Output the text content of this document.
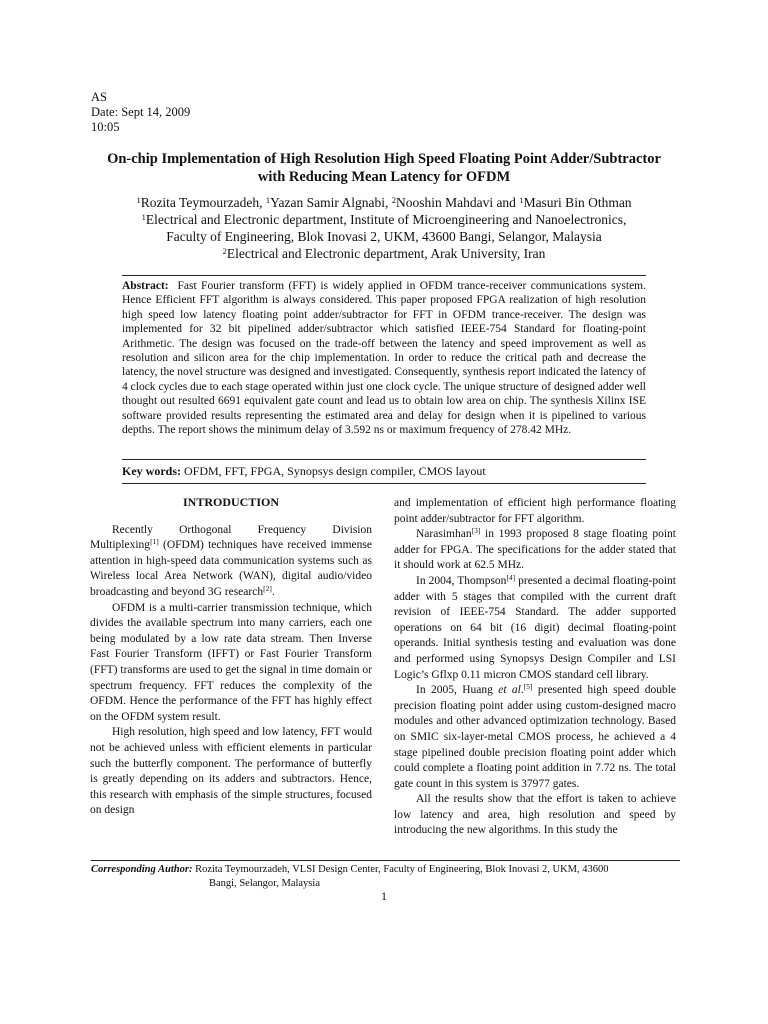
AS
Date: Sept 14, 2009
10:05
On-chip Implementation of High Resolution High Speed Floating Point Adder/Subtractor
with Reducing Mean Latency for OFDM
$^1$Rozita Teymourzadeh, $^1$Yazan Samir Algnabi, $^2$Nooshin Mahdavi and $^1$Masuri Bin Othman
$^1$Electrical and Electronic department, Institute of Microengineering and Nanoelectronics,
Faculty of Engineering, Blok Inovasi 2, UKM, 43600 Bangi, Selangor, Malaysia
$^2$Electrical and Electronic department, Arak University, Iran

Abstract: Fast Fourier transform (FFT) is widely applied in OFDM trance-receiver communications system. Hence Efficient FFT algorithm is always considered. This paper proposed FPGA realization of high resolution high speed low latency floating point adder/subtractor for FFT in OFDM trance-receiver. The design was implemented for 32 bit pipelined adder/subtractor which satisfied IEEE-754 Standard for floating-point Arithmetic. The design was focused on the trade-off between the latency and speed improvement as well as resolution and silicon area for the chip implementation. In order to reduce the critical path and decrease the latency, the novel structure was designed and investigated. Consequently, synthesis report indicated the latency of 4 clock cycles due to each stage operated within just one clock cycle. The unique structure of designed adder well thought out resulted 6691 equivalent gate count and lead us to obtain low area on chip. The synthesis Xilinx ISE software provided results representing the estimated area and delay for design when it is pipelined to various depths. The report shows the minimum delay of 3.592 ns or maximum frequency of 278.42 MHz.

Key words: OFDM, FFT, FPGA, Synopsys design compiler, CMOS layout

INTRODUCTION

Recently Orthogonal Frequency Division Multiplexing[1] (OFDM) techniques have received immense attention in high-speed data communication systems such as Wireless local Area Network (WAN), digital audio/video broadcasting and beyond 3G research[2].

OFDM is a multi-carrier transmission technique, which divides the available spectrum into many carriers, each one being modulated by a low rate data stream. Then Inverse Fast Fourier Transform (IFFT) or Fast Fourier Transform (FFT) transforms are used to get the signal in time domain or spectrum frequency. FFT reduces the complexity of the OFDM. Hence the performance of the FFT has highly effect on the OFDM system result.

High resolution, high speed and low latency, FFT would not be achieved unless with efficient elements in particular such the butterfly component. The performance of butterfly is greatly depending on its adders and subtractors. Hence, this research with emphasis of the simple structures, focused on design

and implementation of efficient high performance floating point adder/subtractor for FFT algorithm.

Narasimhan[3] in 1993 proposed 8 stage floating point adder for FPGA. The specifications for the adder stated that it should work at 62.5 MHz.

In 2004, Thompson[4] presented a decimal floating-point adder with 5 stages that compiled with the current draft revision of IEEE-754 Standard. The adder supported operations on 64 bit (16 digit) decimal floating-point operands. Initial synthesis testing and evaluation was done and performed using Synopsys Design Compiler and LSI Logic’s Gflxp 0.11 micron CMOS standard cell library.

In 2005, Huang et al.[5] presented high speed double precision floating point adder using custom-designed macro modules and other advanced optimization technology. Based on SMIC six-layer-metal CMOS process, he achieved a 4 stage pipelined double precision floating point adder which could complete a floating point addition in 7.72 ns. The total gate count in this system is 37977 gates.

All the results show that the effort is taken to achieve low latency and area, high resolution and speed by introducing the new algorithms. In this study the

Corresponding Author: Rozita Teymourzadeh, VLSI Design Center, Faculty of Engineering, Blok Inovasi 2, UKM, 43600
Bangi, Selangor, Malaysia
1
